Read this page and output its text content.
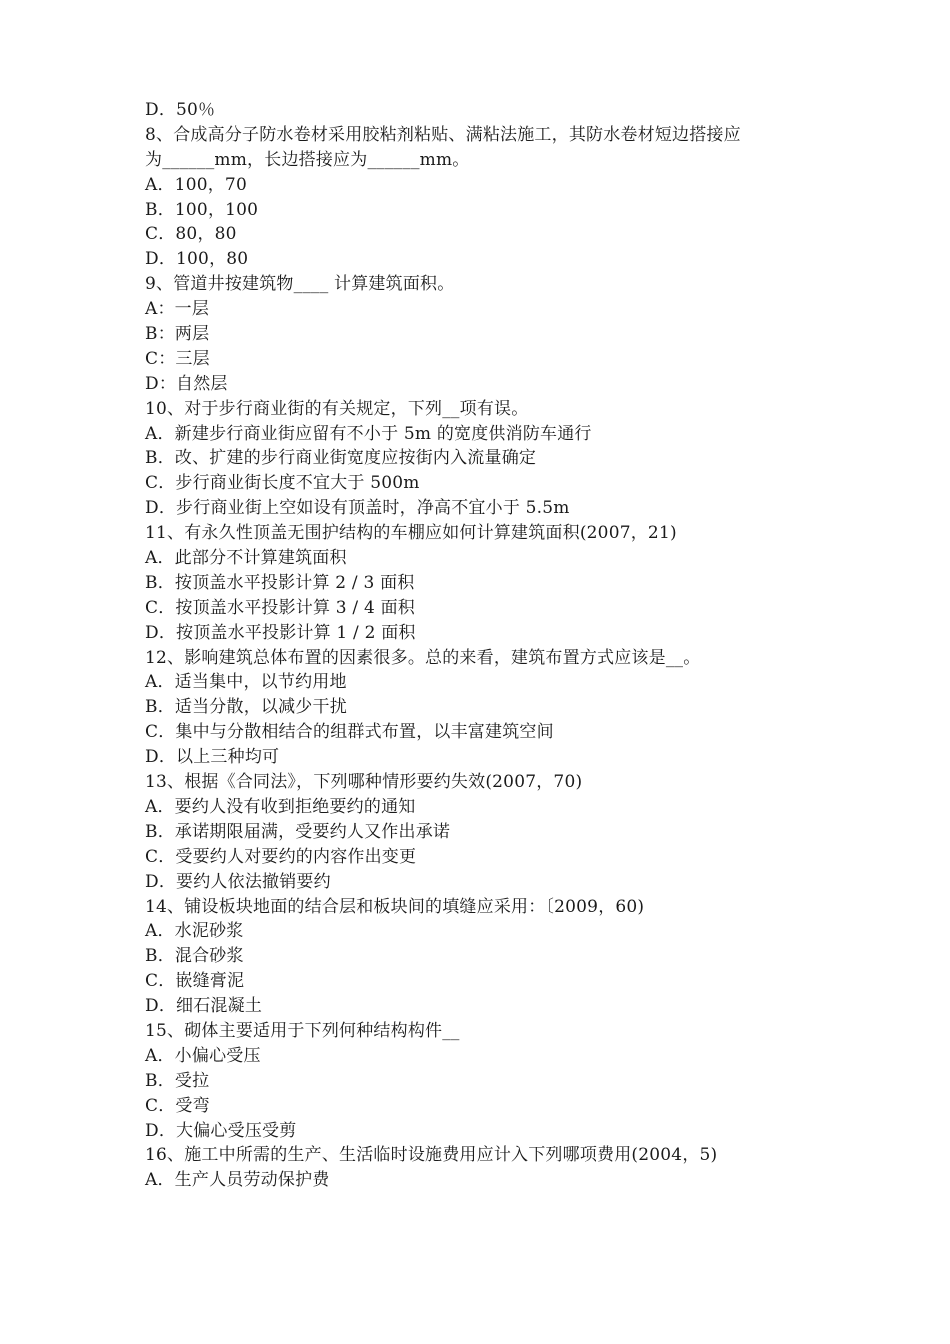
D．50％
8、合成高分子防水卷材采用胶粘剂粘贴、满粘法施工，其防水卷材短边搭接应
为______mm，长边搭接应为______mm。
A．100，70
B．100，100
C．80，80
D．100，80
9、管道井按建筑物____ 计算建筑面积。
A：一层
B：两层
C：三层
D：自然层
10、对于步行商业街的有关规定，下列__项有误。
A．新建步行商业街应留有不小于 5m 的宽度供消防车通行
B．改、扩建的步行商业街宽度应按街内入流量确定
C．步行商业街长度不宜大于 500m
D．步行商业街上空如设有顶盖时，净高不宜小于 5.5m
11、有永久性顶盖无围护结构的车棚应如何计算建筑面积(2007，21)
A．此部分不计算建筑面积
B．按顶盖水平投影计算 2 / 3 面积
C．按顶盖水平投影计算 3 / 4 面积
D．按顶盖水平投影计算 1 / 2 面积
12、影响建筑总体布置的因素很多。总的来看，建筑布置方式应该是__。
A．适当集中，以节约用地
B．适当分散，以减少干扰
C．集中与分散相结合的组群式布置，以丰富建筑空间
D．以上三种均可
13、根据《合同法》，下列哪种情形要约失效(2007，70)
A．要约人没有收到拒绝要约的通知
B．承诺期限届满，受要约人又作出承诺
C．受要约人对要约的内容作出变更
D．要约人依法撤销要约
14、铺设板块地面的结合层和板块间的填缝应采用：〔2009，60)
A．水泥砂浆
B．混合砂浆
C．嵌缝膏泥
D．细石混凝土
15、砌体主要适用于下列何种结构构件__
A．小偏心受压
B．受拉
C．受弯
D．大偏心受压受剪
16、施工中所需的生产、生活临时设施费用应计入下列哪项费用(2004，5)
A．生产人员劳动保护费
